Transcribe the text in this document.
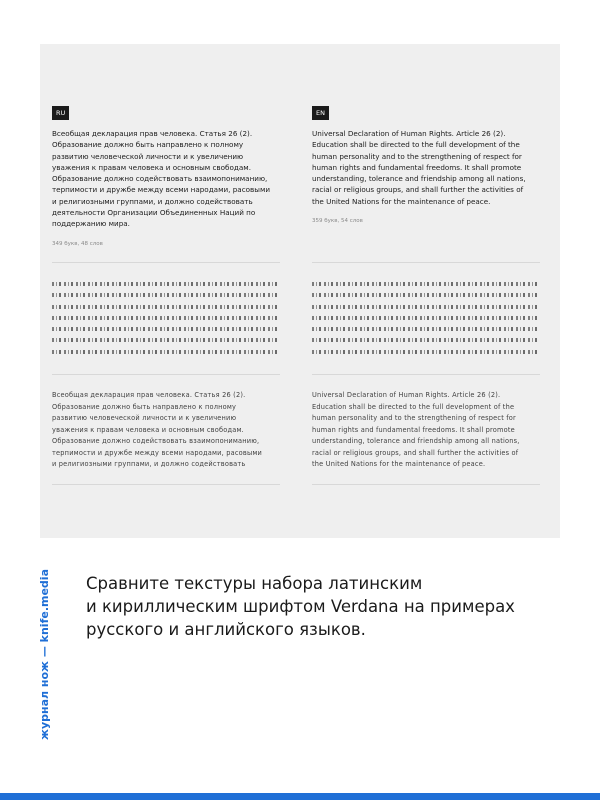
RU
Всеобщая декларация прав человека. Статья 26 (2).
Образование должно быть направлено к полному
развитию человеческой личности и к увеличению
уважения к правам человека и основным свободам.
Образование должно содействовать взаимопониманию,
терпимости и дружбе между всеми народами, расовыми
и религиозными группами, и должно содействовать
деятельности Организации Объединенных Наций по
поддержанию мира.
349 букв, 48 слов
EN
Universal Declaration of Human Rights. Article 26 (2).
Education shall be directed to the full development of the
human personality and to the strengthening of respect for
human rights and fundamental freedoms. It shall promote
understanding, tolerance and friendship among all nations,
racial or religious groups, and shall further the activities of
the United Nations for the maintenance of peace.
359 букв, 54 слов
Всеобщая декларация прав человека. Статья 26 (2).
Образование должно быть направлено к полному
развитию человеческой личности и к увеличению
уважения к правам человека и основным свободам.
Образование должно содействовать взаимопониманию,
терпимости и дружбе между всеми народами, расовыми
и религиозными группами, и должно содействовать
Universal Declaration of Human Rights. Article 26 (2).
Education shall be directed to the full development of the
human personality and to the strengthening of respect for
human rights and fundamental freedoms. It shall promote
understanding, tolerance and friendship among all nations,
racial or religious groups, and shall further the activities of
the United Nations for the maintenance of peace.
Сравните текстуры набора латинским
и кириллическим шрифтом Verdana на примерах
русского и английского языков.
журнал нож — knife.media
